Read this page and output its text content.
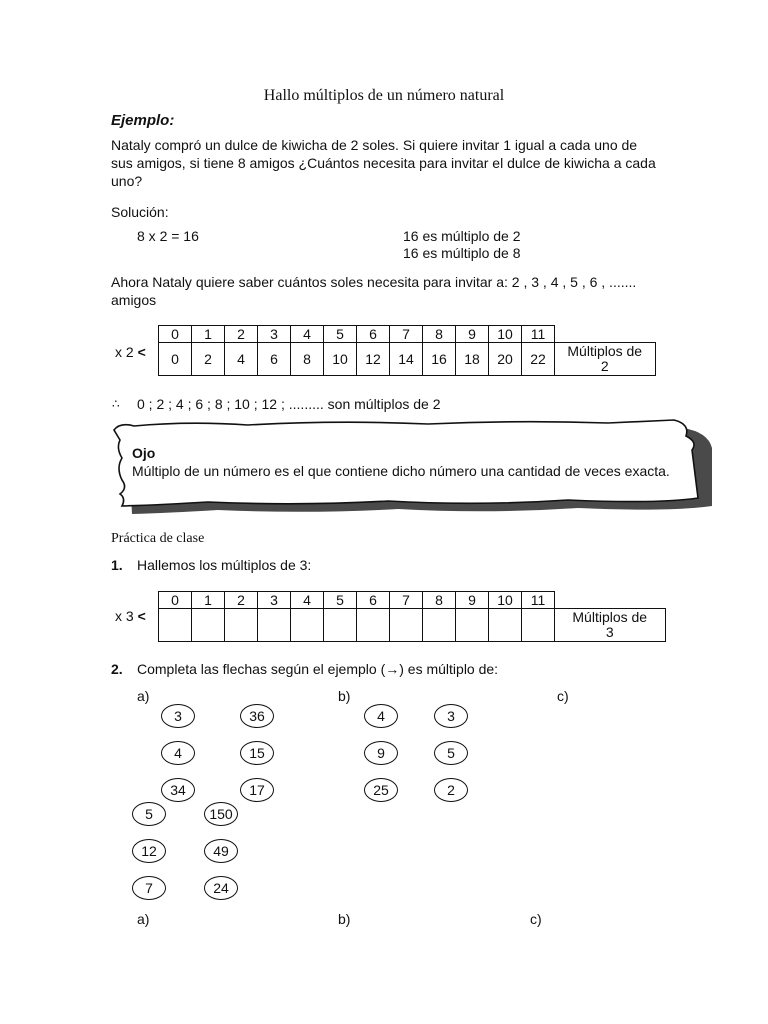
Hallo múltiplos de un número natural
Ejemplo:
Nataly compró un dulce de kiwicha de 2 soles. Si quiere invitar 1 igual a cada uno de sus amigos, si tiene 8 amigos ¿Cuántos necesita para invitar el dulce de kiwicha a cada uno?
Solución:
8 x 2 = 16	16 es múltiplo de 2
16 es múltiplo de 8
Ahora Nataly quiere saber cuántos soles necesita para invitar a: 2 , 3 , 4 , 5 , 6 , ....... amigos
x 2 <
0	1	2	3	4	5	6	7	8	9	10	11	
0	2	4	6	8	10	12	14	16	18	20	22	Múltiplos de
2
∴ 0 ; 2 ; 4 ; 6 ; 8 ; 10 ; 12 ; ......... son múltiplos de 2
Ojo
Múltiplo de un número es el que contiene dicho número una cantidad de veces exacta.
Práctica de clase
1. Hallemos los múltiplos de 3:
x 3 <
0	1	2	3	4	5	6	7	8	9	10	11	

												Múltiplos de
3
2. Completa las flechas según el ejemplo (→) es múltiplo de:
a)	b)	c)
3	36	4	3
4	15	9	5
34	17	25	2
5	150
12	49
7	24
a)	b)	c)
